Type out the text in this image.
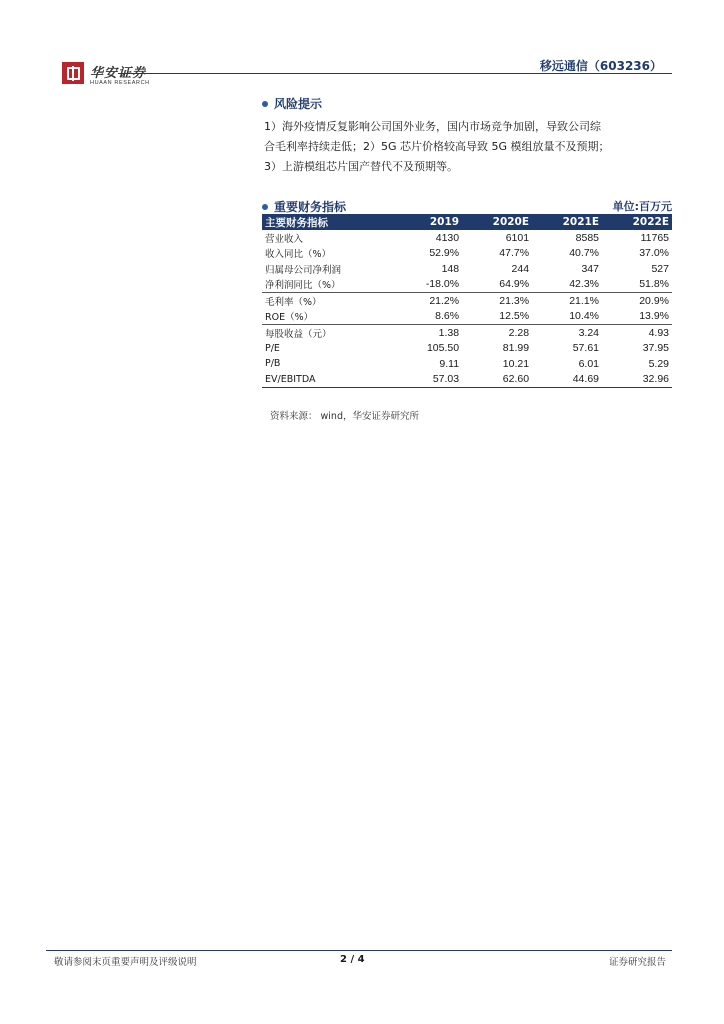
华安证券
HUAAN RESEARCH
移远通信（603236）
风险提示
1）海外疫情反复影响公司国外业务，国内市场竞争加剧，导致公司综
合毛利率持续走低；2）5G 芯片价格较高导致 5G 模组放量不及预期；
3）上游模组芯片国产替代不及预期等。
重要财务指标	单位:百万元
主要财务指标	2019	2020E	2021E	2022E
营业收入	4130	6101	8585	11765
收入同比（%）	52.9%	47.7%	40.7%	37.0%
归属母公司净利润	148	244	347	527
净利润同比（%）	-18.0%	64.9%	42.3%	51.8%
毛利率（%）	21.2%	21.3%	21.1%	20.9%
ROE（%）	8.6%	12.5%	10.4%	13.9%
每股收益（元）	1.38	2.28	3.24	4.93
P/E	105.50	81.99	57.61	37.95
P/B	9.11	10.21	6.01	5.29
EV/EBITDA	57.03	62.60	44.69	32.96
资料来源： wind，华安证券研究所
敬请参阅末页重要声明及评级说明	2 / 4	证券研究报告
